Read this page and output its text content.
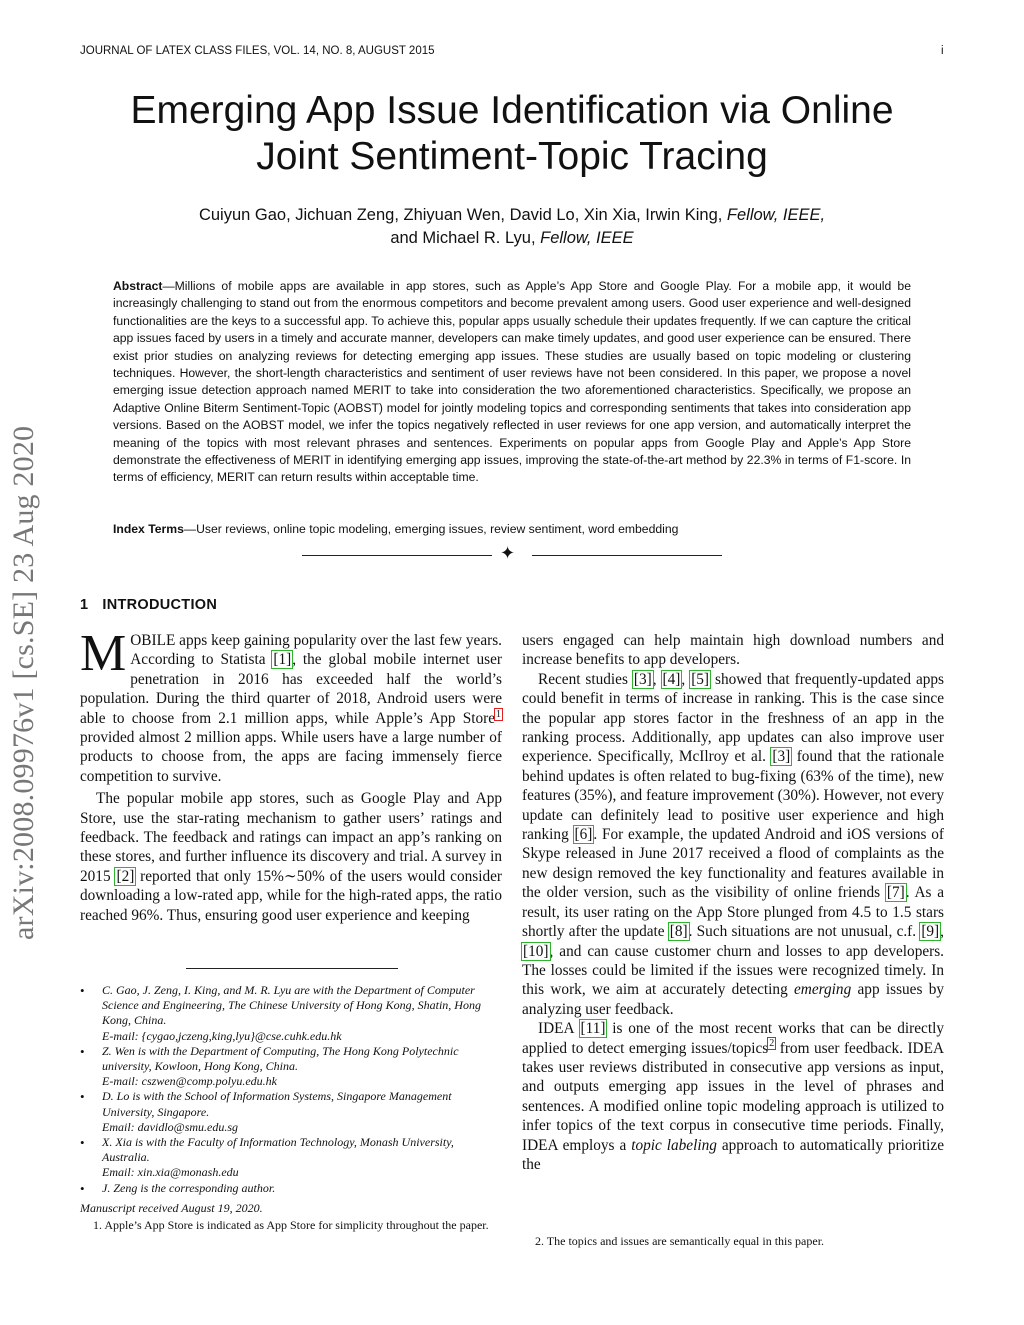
JOURNAL OF LATEX CLASS FILES, VOL. 14, NO. 8, AUGUST 2015	i
Emerging App Issue Identification via Online
Joint Sentiment-Topic Tracing
Cuiyun Gao, Jichuan Zeng, Zhiyuan Wen, David Lo, Xin Xia, Irwin King, Fellow, IEEE,
and Michael R. Lyu, Fellow, IEEE
Abstract—Millions of mobile apps are available in app stores, such as Apple’s App Store and Google Play. For a mobile app, it would be increasingly challenging to stand out from the enormous competitors and become prevalent among users. Good user experience and well-designed functionalities are the keys to a successful app. To achieve this, popular apps usually schedule their updates frequently. If we can capture the critical app issues faced by users in a timely and accurate manner, developers can make timely updates, and good user experience can be ensured. There exist prior studies on analyzing reviews for detecting emerging app issues. These studies are usually based on topic modeling or clustering techniques. However, the short-length characteristics and sentiment of user reviews have not been considered. In this paper, we propose a novel emerging issue detection approach named MERIT to take into consideration the two aforementioned characteristics. Specifically, we propose an Adaptive Online Biterm Sentiment-Topic (AOBST) model for jointly modeling topics and corresponding sentiments that takes into consideration app versions. Based on the AOBST model, we infer the topics negatively reflected in user reviews for one app version, and automatically interpret the meaning of the topics with most relevant phrases and sentences. Experiments on popular apps from Google Play and Apple’s App Store demonstrate the effectiveness of MERIT in identifying emerging app issues, improving the state-of-the-art method by 22.3% in terms of F1-score. In terms of efficiency, MERIT can return results within acceptable time.
Index Terms—User reviews, online topic modeling, emerging issues, review sentiment, word embedding
✦
arXiv:2008.09976v1 [cs.SE] 23 Aug 2020	1 INTRODUCTION

MOBILE apps keep gaining popularity over the last few years. According to Statista [1], the global mobile internet user penetration in 2016 has exceeded half the world’s population. During the third quarter of 2018, Android users were able to choose from 2.1 million apps, while Apple’s App Store$^1$ provided almost 2 million apps. While users have a large number of products to choose from, the apps are facing immensely fierce competition to survive.

The popular mobile app stores, such as Google Play and App Store, use the star-rating mechanism to gather users’ ratings and feedback. The feedback and ratings can impact an app’s ranking on these stores, and further influence its discovery and trial. A survey in 2015 [2] reported that only 15%∼50% of the users would consider downloading a low-rated app, while for the high-rated apps, the ratio reached 96%. Thus, ensuring good user experience and keeping

users engaged can help maintain high download numbers and increase benefits to app developers.

Recent studies [3], [4], [5] showed that frequently-updated apps could benefit in terms of increase in ranking. This is the case since the popular app stores factor in the freshness of an app in the ranking process. Additionally, app updates can also improve user experience. Specifically, McIlroy et al. [3] found that the rationale behind updates is often related to bug-fixing (63% of the time), new features (35%), and feature improvement (30%). However, not every update can definitely lead to positive user experience and high ranking [6]. For example, the updated Android and iOS versions of Skype released in June 2017 received a flood of complaints as the new design removed the key functionality and features available in the older version, such as the visibility of online friends [7]. As a result, its user rating on the App Store plunged from 4.5 to 1.5 stars shortly after the update [8]. Such situations are not unusual, c.f. [9], [10], and can cause customer churn and losses to app developers. The losses could be limited if the issues were recognized timely. In this work, we aim at accurately detecting emerging app issues by analyzing user feedback.

IDEA [11] is one of the most recent works that can be directly applied to detect emerging issues/topics$^2$ from user feedback. IDEA takes user reviews distributed in consecutive app versions as input, and outputs emerging app issues in the level of phrases and sentences. A modified online topic modeling approach is utilized to infer topics of the text corpus in consecutive time periods. Finally, IDEA employs a topic labeling approach to automatically prioritize the

• C. Gao, J. Zeng, I. King, and M. R. Lyu are with the Department of Computer Science and Engineering, The Chinese University of Hong Kong, Shatin, Hong Kong, China.
E-mail: {cygao,jczeng,king,lyu}@cse.cuhk.edu.hk
• Z. Wen is with the Department of Computing, The Hong Kong Polytechnic university, Kowloon, Hong Kong, China.
E-mail: cszwen@comp.polyu.edu.hk
• D. Lo is with the School of Information Systems, Singapore Management University, Singapore.
Email: davidlo@smu.edu.sg
• X. Xia is with the Faculty of Information Technology, Monash University, Australia.
Email: xin.xia@monash.edu
• J. Zeng is the corresponding author.
Manuscript received August 19, 2020.
1. Apple’s App Store is indicated as App Store for simplicity throughout the paper.
2. The topics and issues are semantically equal in this paper.
